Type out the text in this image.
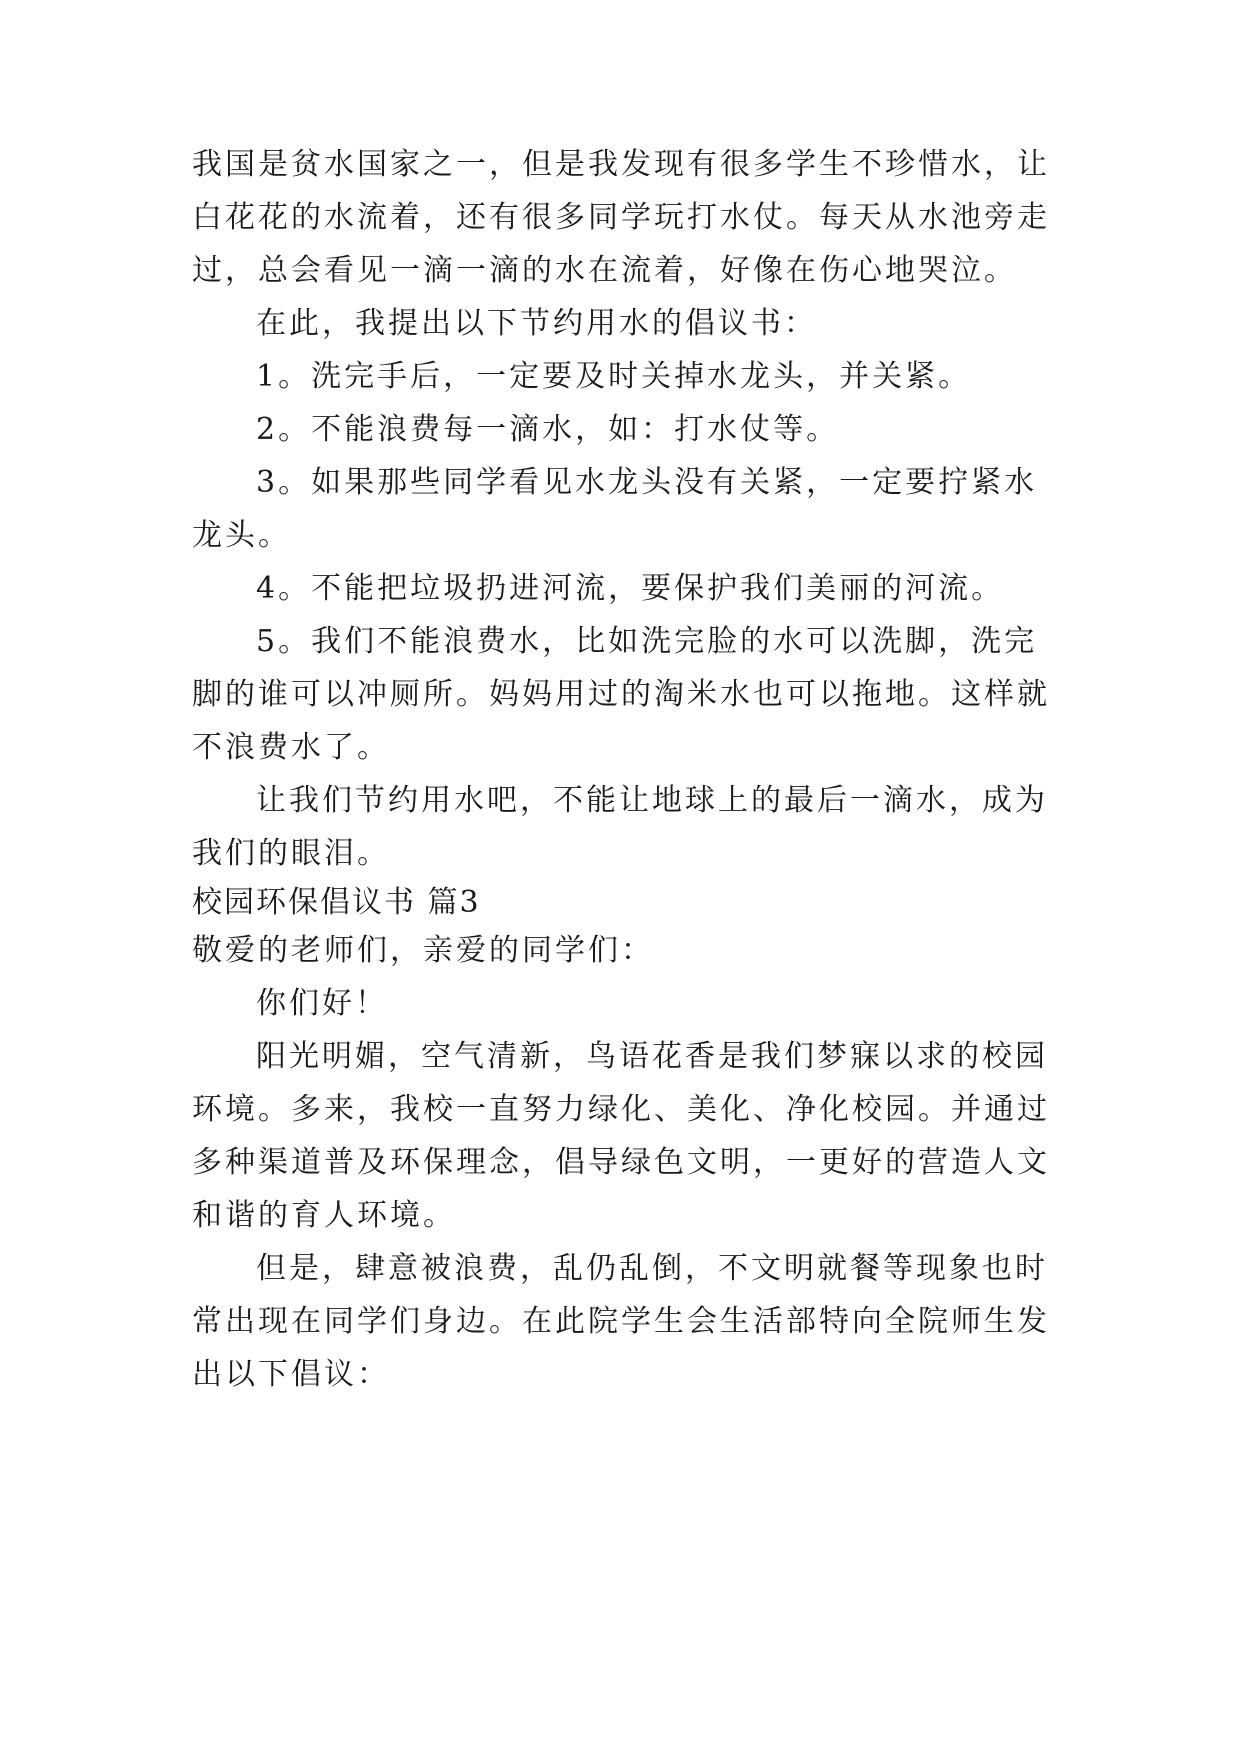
我国是贫水国家之一，但是我发现有很多学生不珍惜水，让
白花花的水流着，还有很多同学玩打水仗。每天从水池旁走
过，总会看见一滴一滴的水在流着，好像在伤心地哭泣。
在此，我提出以下节约用水的倡议书：
1。洗完手后，一定要及时关掉水龙头，并关紧。
2。不能浪费每一滴水，如：打水仗等。
3。如果那些同学看见水龙头没有关紧，一定要拧紧水
龙头。
4。不能把垃圾扔进河流，要保护我们美丽的河流。
5。我们不能浪费水，比如洗完脸的水可以洗脚，洗完
脚的谁可以冲厕所。妈妈用过的淘米水也可以拖地。这样就
不浪费水了。
让我们节约用水吧，不能让地球上的最后一滴水，成为
我们的眼泪。
校园环保倡议书 篇3
敬爱的老师们，亲爱的同学们：
你们好！
阳光明媚，空气清新，鸟语花香是我们梦寐以求的校园
环境。多来，我校一直努力绿化、美化、净化校园。并通过
多种渠道普及环保理念，倡导绿色文明，一更好的营造人文
和谐的育人环境。
但是，肆意被浪费，乱仍乱倒，不文明就餐等现象也时
常出现在同学们身边。在此院学生会生活部特向全院师生发
出以下倡议：
